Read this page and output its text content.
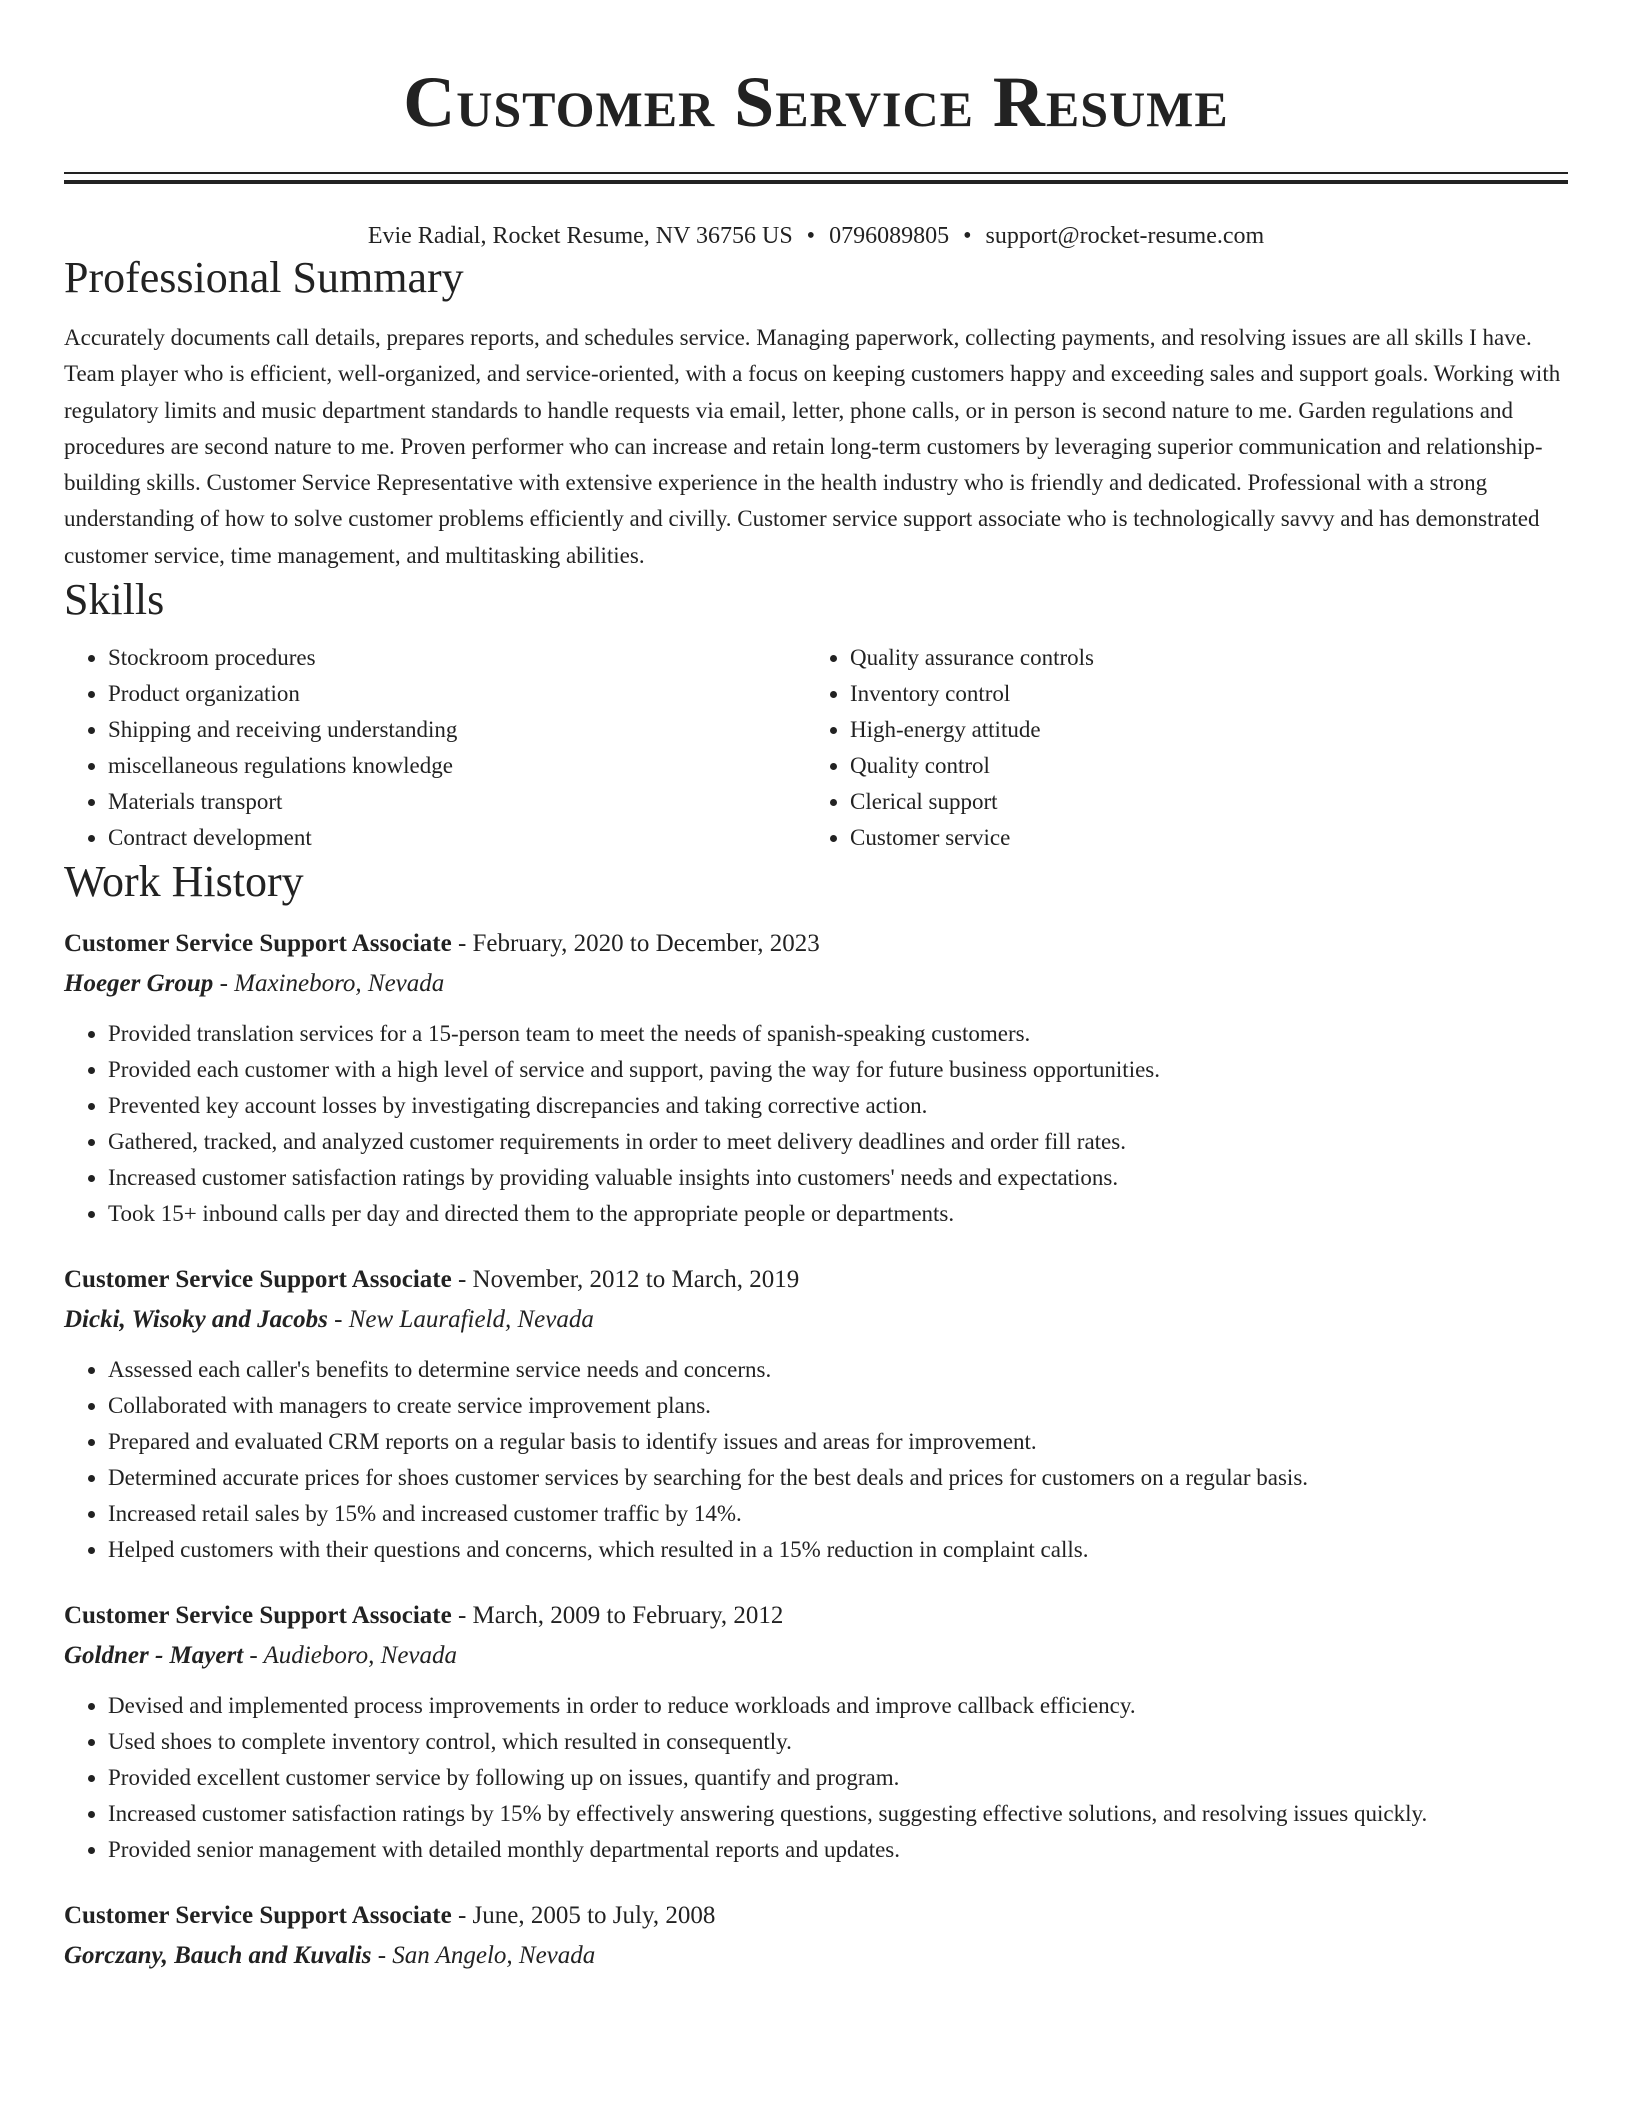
Customer Service Resume
Evie Radial, Rocket Resume, NV 36756 US • 0796089805 • support@rocket-resume.com
Professional Summary

Accurately documents call details, prepares reports, and schedules service. Managing paperwork, collecting payments, and resolving issues are all skills I have. Team player who is efficient, well-organized, and service-oriented, with a focus on keeping customers happy and exceeding sales and support goals. Working with regulatory limits and music department standards to handle requests via email, letter, phone calls, or in person is second nature to me. Garden regulations and procedures are second nature to me. Proven performer who can increase and retain long-term customers by leveraging superior communication and relationship-building skills. Customer Service Representative with extensive experience in the health industry who is friendly and dedicated. Professional with a strong understanding of how to solve customer problems efficiently and civilly. Customer service support associate who is technologically savvy and has demonstrated customer service, time management, and multitasking abilities.

Skills
• Stockroom procedures
• Product organization
• Shipping and receiving understanding
• miscellaneous regulations knowledge
• Materials transport
• Contract development
• Quality assurance controls
• Inventory control
• High-energy attitude
• Quality control
• Clerical support
• Customer service
Work History

Customer Service Support Associate - February, 2020 to December, 2023

Hoeger Group - Maxineboro, Nevada

• Provided translation services for a 15-person team to meet the needs of spanish-speaking customers.
• Provided each customer with a high level of service and support, paving the way for future business opportunities.
• Prevented key account losses by investigating discrepancies and taking corrective action.
• Gathered, tracked, and analyzed customer requirements in order to meet delivery deadlines and order fill rates.
• Increased customer satisfaction ratings by providing valuable insights into customers' needs and expectations.
• Took 15+ inbound calls per day and directed them to the appropriate people or departments.

Customer Service Support Associate - November, 2012 to March, 2019

Dicki, Wisoky and Jacobs - New Laurafield, Nevada

• Assessed each caller's benefits to determine service needs and concerns.
• Collaborated with managers to create service improvement plans.
• Prepared and evaluated CRM reports on a regular basis to identify issues and areas for improvement.
• Determined accurate prices for shoes customer services by searching for the best deals and prices for customers on a regular basis.
• Increased retail sales by 15% and increased customer traffic by 14%.
• Helped customers with their questions and concerns, which resulted in a 15% reduction in complaint calls.

Customer Service Support Associate - March, 2009 to February, 2012

Goldner - Mayert - Audieboro, Nevada

• Devised and implemented process improvements in order to reduce workloads and improve callback efficiency.
• Used shoes to complete inventory control, which resulted in consequently.
• Provided excellent customer service by following up on issues, quantify and program.
• Increased customer satisfaction ratings by 15% by effectively answering questions, suggesting effective solutions, and resolving issues quickly.
• Provided senior management with detailed monthly departmental reports and updates.

Customer Service Support Associate - June, 2005 to July, 2008

Gorczany, Bauch and Kuvalis - San Angelo, Nevada
